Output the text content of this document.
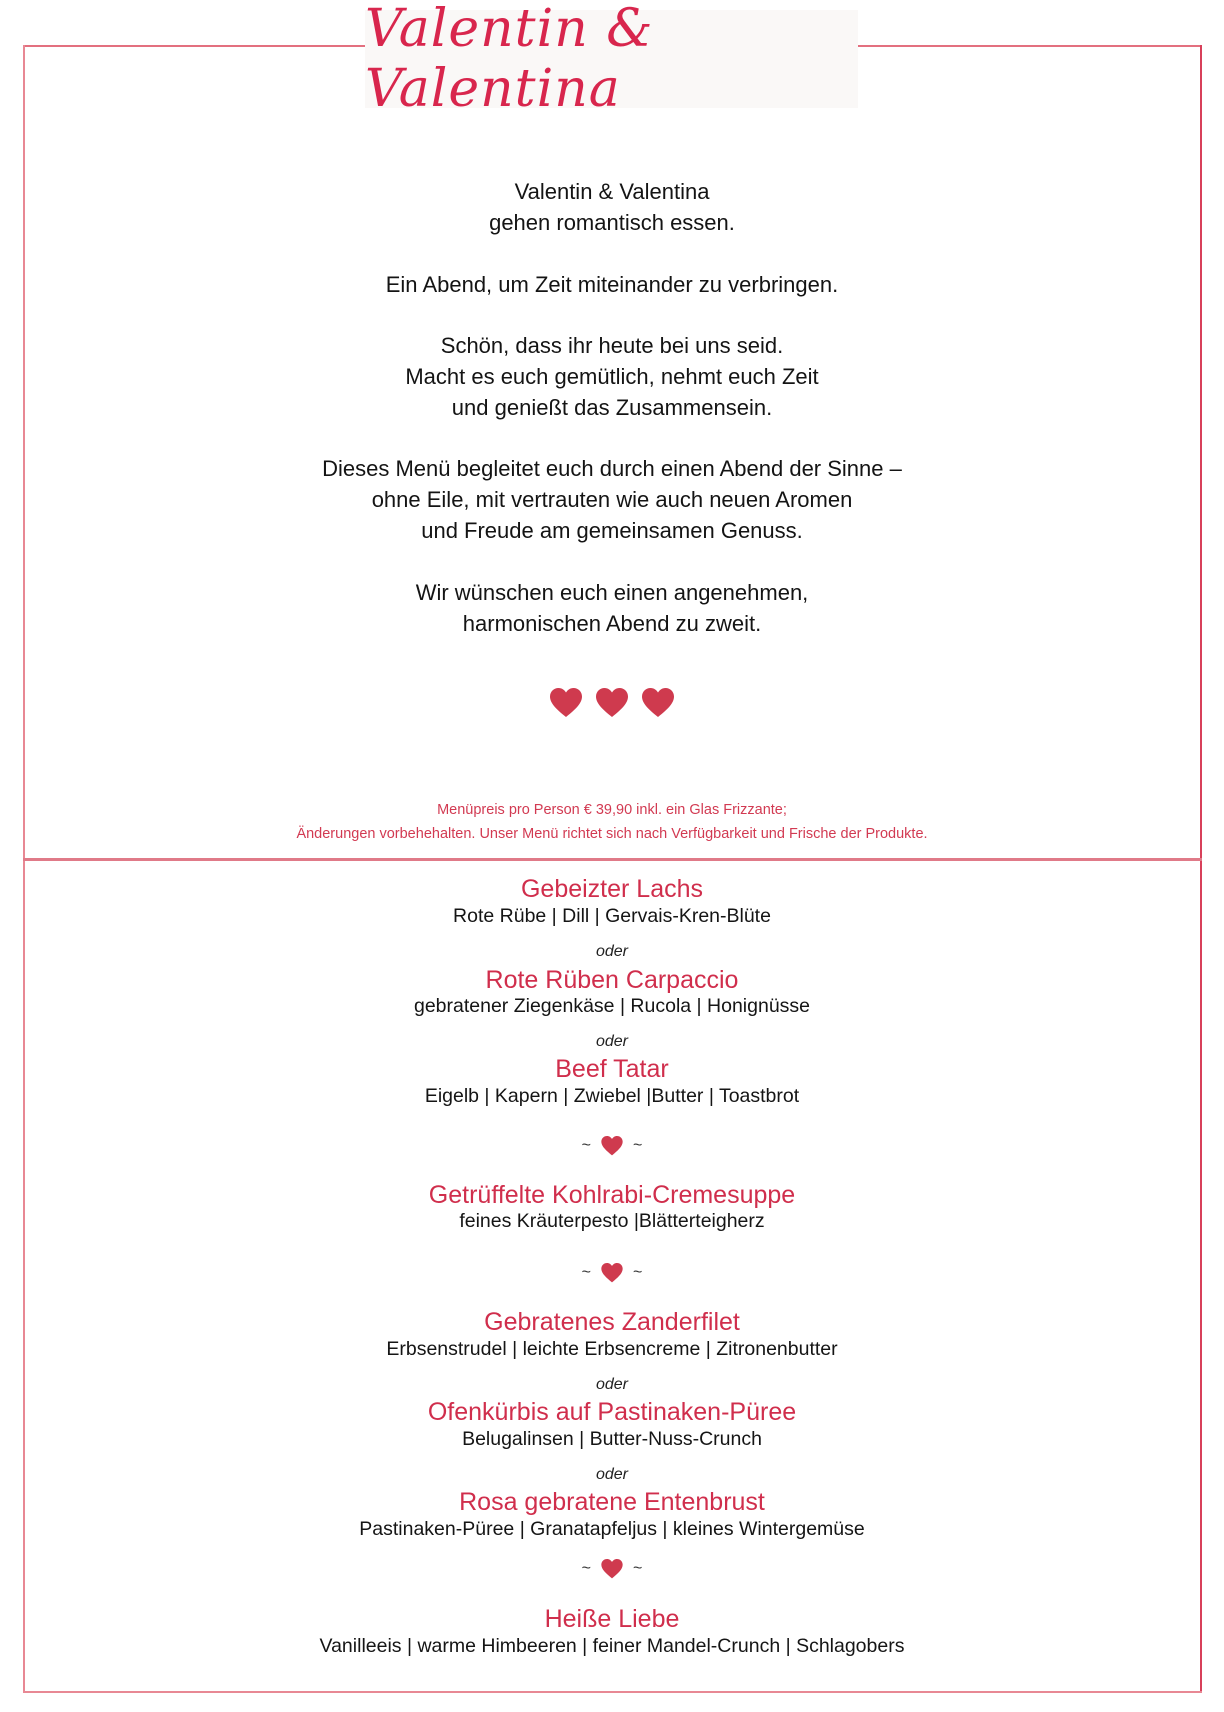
Valentin & Valentina
Valentin & Valentina
gehen romantisch essen.
Ein Abend, um Zeit miteinander zu verbringen.
Schön, dass ihr heute bei uns seid.
Macht es euch gemütlich, nehmt euch Zeit
und genießt das Zusammensein.
Dieses Menü begleitet euch durch einen Abend der Sinne –
ohne Eile, mit vertrauten wie auch neuen Aromen
und Freude am gemeinsamen Genuss.
Wir wünschen euch einen angenehmen,
harmonischen Abend zu zweit.
Menüpreis pro Person € 39,90 inkl. ein Glas Frizzante;
Änderungen vorbehehalten. Unser Menü richtet sich nach Verfügbarkeit und Frische der Produkte.
Gebeizter Lachs
Rote Rübe | Dill | Gervais-Kren-Blüte
oder
Rote Rüben Carpaccio
gebratener Ziegenkäse | Rucola | Honignüsse
oder
Beef Tatar
Eigelb | Kapern | Zwiebel |Butter | Toastbrot
~	~
Getrüffelte Kohlrabi-Cremesuppe
feines Kräuterpesto |Blätterteigherz
~	~
Gebratenes Zanderfilet
Erbsenstrudel | leichte Erbsencreme | Zitronenbutter
oder
Ofenkürbis auf Pastinaken-Püree
Belugalinsen | Butter-Nuss-Crunch
oder
Rosa gebratene Entenbrust
Pastinaken-Püree | Granatapfeljus | kleines Wintergemüse
~	~
Heiße Liebe
Vanilleeis | warme Himbeeren | feiner Mandel-Crunch | Schlagobers
